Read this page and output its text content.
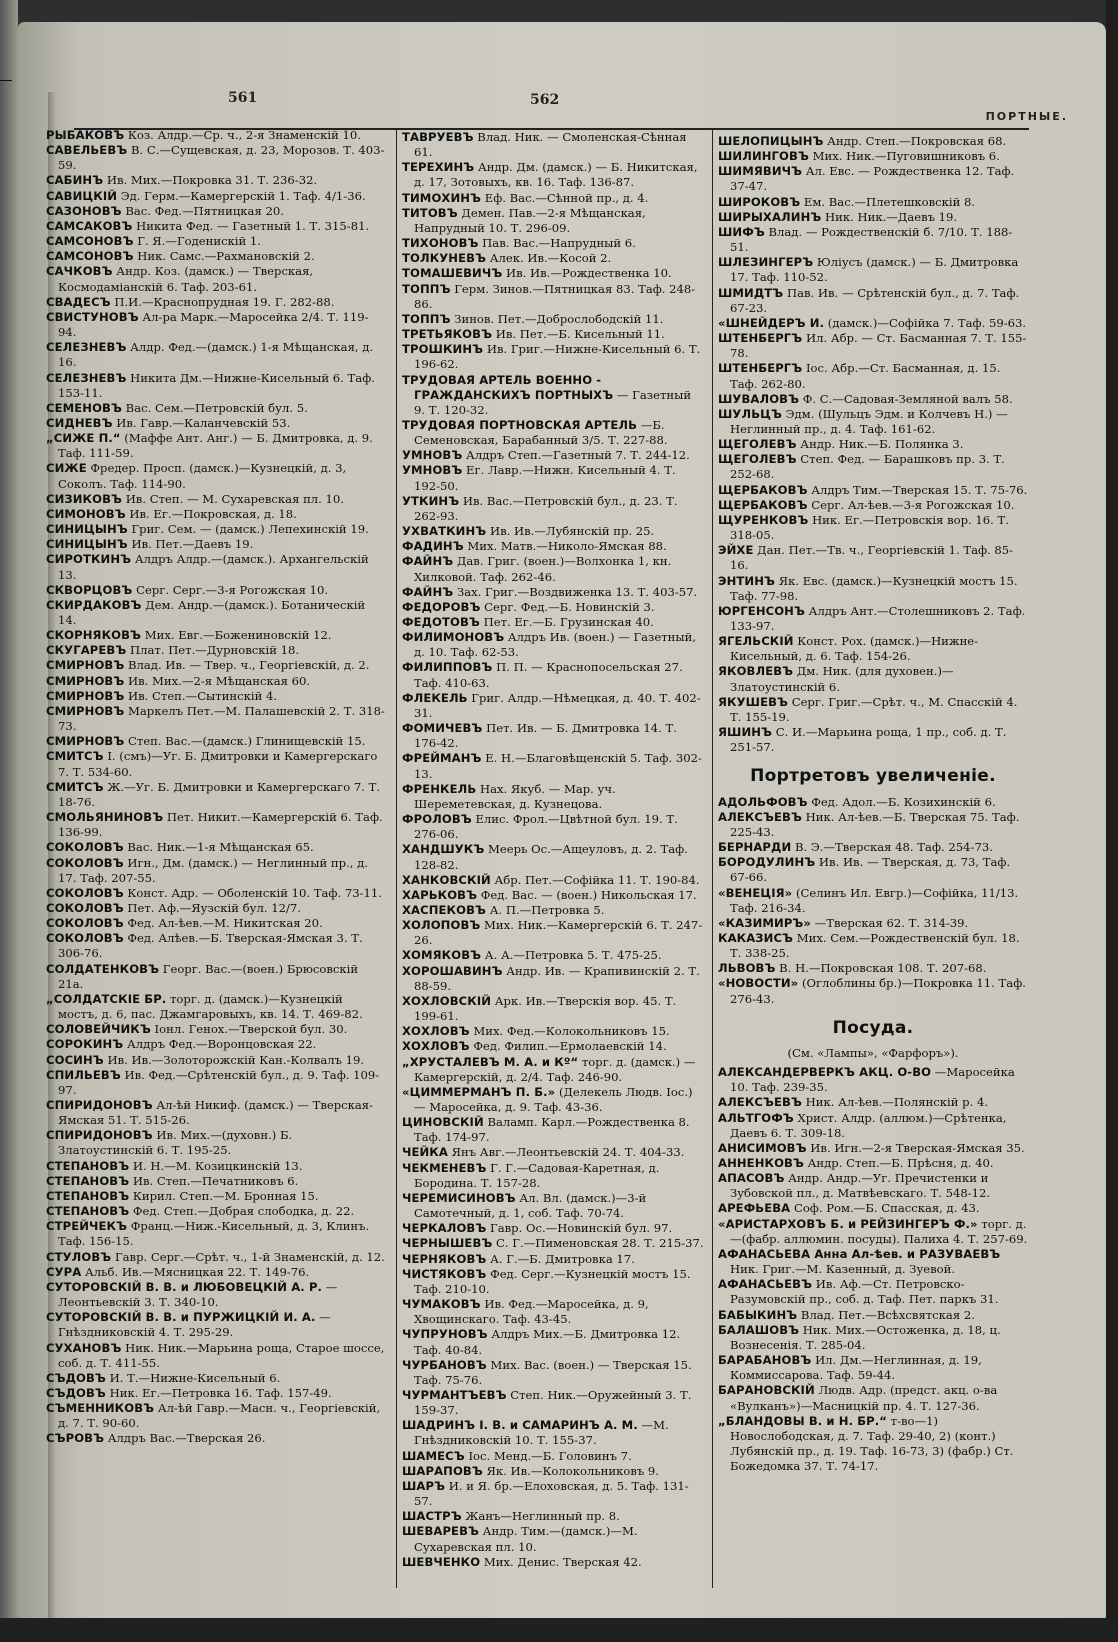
561	562
ПОРТНЫЕ.

РЫБАКОВЪ Коз. Алдр.—Ср. ч., 2-я Знаменскій 10.

САВЕЛЬЕВЪ В. С.—Сущевская, д. 23, Морозов. Т. 403-59.

САБИНЪ Ив. Мих.—Покровка 31. Т. 236-32.

САВИЦКІЙ Эд. Герм.—Камергерскій 1. Таф. 4/1-36.

САЗОНОВЪ Вас. Фед.—Пятницкая 20.

САМСАКОВЪ Никита Фед. — Газетный 1. Т. 315-81.

САМСОНОВЪ Г. Я.—Годенискій 1.

САМСОНОВЪ Ник. Самс.—Рахмановскій 2.

САЧКОВЪ Андр. Коз. (дамск.) — Тверская, Космодаміанскій 6. Таф. 203-61.

СВАДЕСЪ П.И.—Краснопрудная 19. Г. 282-88.

СВИСТУНОВЪ Ал-ра Марк.—Маросейка 2/4. Т. 119-94.

СЕЛЕЗНЕВЪ Алдр. Фед.—(дамск.) 1-я Мѣщанская, д. 16.

СЕЛЕЗНЕВЪ Никита Дм.—Нижне-Кисельный 6. Таф. 153-11.

СЕМЕНОВЪ Вас. Сем.—Петровскій бул. 5.

СИДНЕВЪ Ив. Гавр.—Каланчевскій 53.

„СИЖЕ П.“ (Маффе Ант. Анг.) — Б. Дмитровка, д. 9. Таф. 111-59.

СИЖЕ Фредер. Просп. (дамск.)—Кузнецкій, д. 3, Соколъ. Таф. 114-90.

СИЗИКОВЪ Ив. Степ. — М. Сухаревская пл. 10.

СИМОНОВЪ Ив. Ег.—Покровская, д. 18.

СИНИЦЫНЪ Григ. Сем. — (дамск.) Лепехинскій 19.

СИНИЦЫНЪ Ив. Пет.—Даевъ 19.

СИРОТКИНЪ Алдръ Алдр.—(дамск.). Архангельскій 13.

СКВОРЦОВЪ Серг. Серг.—3-я Рогожская 10.

СКИРДАКОВЪ Дем. Андр.—(дамск.). Ботаническій 14.

СКОРНЯКОВЪ Мих. Евг.—Божениновскій 12.

СКУГАРЕВЪ Плат. Пет.—Дурновскій 18.

СМИРНОВЪ Влад. Ив. — Твер. ч., Георгіевскій, д. 2.

СМИРНОВЪ Ив. Мих.—2-я Мѣщанская 60.

СМИРНОВЪ Ив. Степ.—Сытинскій 4.

СМИРНОВЪ Маркелъ Пет.—М. Палашевскій 2. Т. 318-73.

СМИРНОВЪ Степ. Вас.—(дамск.) Глинищевскій 15.

СМИТСЪ І. (смъ)—Уг. Б. Дмитровки и Камергерскаго 7. Т. 534-60.

СМИТСЪ Ж.—Уг. Б. Дмитровки и Камергерскаго 7. Т. 18-76.

СМОЛЬЯНИНОВЪ Пет. Никит.—Камергерскій 6. Таф. 136-99.

СОКОЛОВЪ Вас. Ник.—1-я Мѣщанская 65.

СОКОЛОВЪ Игн., Дм. (дамск.) — Неглинный пр., д. 17. Таф. 207-55.

СОКОЛОВЪ Конст. Адр. — Оболенскій 10. Таф. 73-11.

СОКОЛОВЪ Пет. Аф.—Яузскій бул. 12/7.

СОКОЛОВЪ Фед. Ал-ѣев.—М. Никитская 20.

СОКОЛОВЪ Фед. Алѣев.—Б. Тверская-Ямская 3. Т. 306-76.

СОЛДАТЕНКОВЪ Георг. Вас.—(воен.) Брюсовскій 21а.

„СОЛДАТСКІЕ БР. торг. д. (дамск.)—Кузнецкій мостъ, д. 6, пас. Джамгаровыхъ, кв. 14. Т. 469-82.

СОЛОВЕЙЧИКЪ Іонл. Генох.—Тверской бул. 30.

СОРОКИНЪ Алдръ Фед.—Воронцовская 22.

СОСИНЪ Ив. Ив.—Золоторожскій Кан.-Колвалъ 19.

СПИЛЬЕВЪ Ив. Фед.—Срѣтенскій бул., д. 9. Таф. 109-97.

СПИРИДОНОВЪ Ал-ѣй Никиф. (дамск.) — Тверская-Ямская 51. Т. 515-26.

СПИРИДОНОВЪ Ив. Мих.—(духовн.) Б. Златоустинскій 6. Т. 195-25.

СТЕПАНОВЪ И. Н.—М. Козицкинскій 13.

СТЕПАНОВЪ Ив. Степ.—Печатниковъ 6.

СТЕПАНОВЪ Кирил. Степ.—М. Бронная 15.

СТЕПАНОВЪ Фед. Степ.—Добрая слободка, д. 22.

СТРЕЙЧЕКЪ Франц.—Ниж.-Кисельный, д. 3, Клинъ. Таф. 156-15.

СТУЛОВЪ Гавр. Серг.—Срѣт. ч., 1-й Знаменскій, д. 12.

СУРА Альб. Ив.—Мясницкая 22. Т. 149-76.

СУТОРОВСКІЙ В. В. и ЛЮБОВЕЦКІЙ А. Р. — Леонтьевскій 3. Т. 340-10.

СУТОРОВСКІЙ В. В. и ПУРЖИЦКІЙ И. А. — Гнѣздниковскій 4. Т. 295-29.

СУХАНОВЪ Ник. Ник.—Марьина роща, Старое шоссе, соб. д. Т. 411-55.

СЪДОВЪ И. Т.—Нижне-Кисельный 6.

СЪДОВЪ Ник. Ег.—Петровка 16. Таф. 157-49.

СЪМЕННИКОВЪ Ал-ѣй Гавр.—Масн. ч., Георгіевскій, д. 7. Т. 90-60.

СЪРОВЪ Алдръ Вас.—Тверская 26.

ТАВРУЕВЪ Влад. Ник. — Смоленская-Сѣнная 61.

ТЕРЕХИНЪ Андр. Дм. (дамск.) — Б. Никитская, д. 17, Зотовыхъ, кв. 16. Таф. 136-87.

ТИМОХИНЪ Еф. Вас.—Сѣнной пр., д. 4.

ТИТОВЪ Демен. Пав.—2-я Мѣщанская, Напрудный 10. Т. 296-09.

ТИХОНОВЪ Пав. Вас.—Напрудный 6.

ТОЛКУНЕВЪ Алек. Ив.—Косой 2.

ТОМАШЕВИЧЪ Ив. Ив.—Рождественка 10.

ТОППЪ Герм. Зинов.—Пятницкая 83. Таф. 248-86.

ТОППЪ Зинов. Пет.—Доброслободскій 11.

ТРЕТЬЯКОВЪ Ив. Пет.—Б. Кисельный 11.

ТРОШКИНЪ Ив. Григ.—Нижне-Кисельный 6. Т. 196-62.

ТРУДОВАЯ АРТЕЛЬ ВОЕННО - ГРАЖДАНСКИХЪ ПОРТНЫХЪ — Газетный 9. Т. 120-32.

ТРУДОВАЯ ПОРТНОВСКАЯ АРТЕЛЬ —Б. Семеновская, Барабанный 3/5. Т. 227-88.

УМНОВЪ Алдръ Степ.—Газетный 7. Т. 244-12.

УМНОВЪ Ег. Лавр.—Нижн. Кисельный 4. Т. 192-50.

УТКИНЪ Ив. Вас.—Петровскій бул., д. 23. Т. 262-93.

УХВАТКИНЪ Ив. Ив.—Лубянскій пр. 25.

ФАДИНЪ Мих. Матв.—Николо-Ямская 88.

ФАЙНЪ Дав. Григ. (воен.)—Волхонка 1, кн. Хилковой. Таф. 262-46.

ФАЙНЪ Зах. Григ.—Воздвиженка 13. Т. 403-57.

ФЕДОРОВЪ Серг. Фед.—Б. Новинскій 3.

ФЕДОТОВЪ Пет. Ег.—Б. Грузинская 40.

ФИЛИМОНОВЪ Алдръ Ив. (воен.) — Газетный, д. 10. Таф. 62-53.

ФИЛИППОВЪ П. П. — Краснопосельская 27. Таф. 410-63.

ФЛЕКЕЛЬ Григ. Алдр.—Нѣмецкая, д. 40. Т. 402-31.

ФОМИЧЕВЪ Пет. Ив. — Б. Дмитровка 14. Т. 176-42.

ФРЕЙМАНЪ Е. Н.—Благовѣщенскій 5. Таф. 302-13.

ФРЕНКЕЛЬ Нах. Якуб. — Мар. уч. Шереметевская, д. Кузнецова.

ФРОЛОВЪ Елис. Фрол.—Цвѣтной бул. 19. Т. 276-06.

ХАНДШУКЪ Меерь Ос.—Ащеуловъ, д. 2. Таф. 128-82.

ХАНКОВСКІЙ Абр. Пет.—Софійка 11. Т. 190-84.

ХАРЬКОВЪ Фед. Вас. — (воен.) Никольская 17.

ХАСПЕКОВЪ А. П.—Петровка 5.

ХОЛОПОВЪ Мих. Ник.—Камергерскій 6. Т. 247-26.

ХОМЯКОВЪ А. А.—Петровка 5. Т. 475-25.

ХОРОШАВИНЪ Андр. Ив. — Крапивинскій 2. Т. 88-59.

ХОХЛОВСКІЙ Арк. Ив.—Тверскія вор. 45. Т. 199-61.

ХОХЛОВЪ Мих. Фед.—Колокольниковъ 15.

ХОХЛОВЪ Фед. Филип.—Ермолаевскій 14.

„ХРУСТАЛЕВЪ М. А. и Кº“ торг. д. (дамск.) — Камергерскій, д. 2/4. Таф. 246-90.

«ЦИММЕРМАНЪ П. Б.» (Делекель Людв. Іос.) — Маросейка, д. 9. Таф. 43-36.

ЦИНОВСКІЙ Валамп. Карл.—Рождественка 8. Таф. 174-97.

ЧЕЙКА Янъ Авг.—Леонтьевскій 24. Т. 404-33.

ЧЕКМЕНЕВЪ Г. Г.—Садовая-Каретная, д. Бородина. Т. 157-28.

ЧЕРЕМИСИНОВЪ Ал. Вл. (дамск.)—3-й Самотечный, д. 1, соб. Таф. 70-74.

ЧЕРКАЛОВЪ Гавр. Ос.—Новинскій бул. 97.

ЧЕРНЫШЕВЪ С. Г.—Пименовская 28. Т. 215-37.

ЧЕРНЯКОВЪ А. Г.—Б. Дмитровка 17.

ЧИСТЯКОВЪ Фед. Серг.—Кузнецкій мостъ 15. Таф. 210-10.

ЧУМАКОВЪ Ив. Фед.—Маросейка, д. 9, Хвощинскаго. Таф. 43-45.

ЧУПРУНОВЪ Алдръ Мих.—Б. Дмитровка 12. Таф. 40-84.

ЧУРБАНОВЪ Мих. Вас. (воен.) — Тверская 15. Таф. 75-76.

ЧУРМАНТЪЕВЪ Степ. Ник.—Оружейный 3. Т. 159-37.

ШАДРИНЪ І. В. и САМАРИНЪ А. М. —М. Гнѣздниковскій 10. Т. 155-37.

ШАМЕСЪ Іос. Менд.—Б. Головинъ 7.

ШАРАПОВЪ Як. Ив.—Колокольниковъ 9.

ШАРЪ И. и Я. бр.—Елоховская, д. 5. Таф. 131-57.

ШАСТРЪ Жанъ—Неглинный пр. 8.

ШЕВАРЕВЪ Андр. Тим.—(дамск.)—М. Сухаревская пл. 10.

ШЕВЧЕНКО Мих. Денис. Тверская 42.

ШЕЛОПИЦЫНЪ Андр. Степ.—Покровская 68.

ШИЛИНГОВЪ Мих. Ник.—Пуговишниковъ 6.

ШИМЯВИЧЪ Ал. Евс. — Рождественка 12. Таф. 37-47.

ШИРОКОВЪ Ем. Вас.—Плетешковскій 8.

ШИРЫХАЛИНЪ Ник. Ник.—Даевъ 19.

ШИФЪ Влад. — Рождественскій б. 7/10. Т. 188-51.

ШЛЕЗИНГЕРЪ Юліусъ (дамск.) — Б. Дмитровка 17. Таф. 110-52.

ШМИДТЪ Пав. Ив. — Срѣтенскій бул., д. 7. Таф. 67-23.

«ШНЕЙДЕРЪ И. (дамск.)—Софійка 7. Таф. 59-63.

ШТЕНБЕРГЪ Ил. Абр. — Ст. Басманная 7. Т. 155-78.

ШТЕНБЕРГЪ Іос. Абр.—Ст. Басманная, д. 15. Таф. 262-80.

ШУВАЛОВЪ Ф. С.—Садовая-Земляной валъ 58.

ШУЛЬЦЪ Эдм. (Шульцъ Эдм. и Колчевъ Н.) — Неглинный пр., д. 4. Таф. 161-62.

ЩЕГОЛЕВЪ Андр. Ник.—Б. Полянка 3.

ЩЕГОЛЕВЪ Степ. Фед. — Барашковъ пр. 3. Т. 252-68.

ЩЕРБАКОВЪ Алдръ Тим.—Тверская 15. Т. 75-76.

ЩЕРБАКОВЪ Серг. Ал-ѣев.—3-я Рогожская 10.

ЩУРЕНКОВЪ Ник. Ег.—Петровскія вор. 16. Т. 318-05.

ЭЙХЕ Дан. Пет.—Тв. ч., Георгіевскій 1. Таф. 85-16.

ЭНТИНЪ Як. Евс. (дамск.)—Кузнецкій мостъ 15. Таф. 77-98.

ЮРГЕНСОНЪ Алдръ Ант.—Столешниковъ 2. Таф. 133-97.

ЯГЕЛЬСКІЙ Конст. Рох. (дамск.)—Нижне-Кисельный, д. 6. Таф. 154-26.

ЯКОВЛЕВЪ Дм. Ник. (для духовен.)—Златоустинскій 6.

ЯКУШЕВЪ Серг. Григ.—Срѣт. ч., М. Спасскій 4. Т. 155-19.

ЯШИНЪ С. И.—Марьина роща, 1 пр., соб. д. Т. 251-57.

Портретовъ увеличеніе.

АДОЛЬФОВЪ Фед. Адол.—Б. Козихинскій 6.

АЛЕКСЪЕВЪ Ник. Ал-ѣев.—Б. Тверская 75. Таф. 225-43.

БЕРНАРДИ В. Э.—Тверская 48. Таф. 254-73.

БОРОДУЛИНЪ Ив. Ив. — Тверская, д. 73, Таф. 67-66.

«ВЕНЕЦІЯ» (Селинъ Ил. Евгр.)—Софійка, 11/13. Таф. 216-34.

«КАЗИМИРЪ» —Тверская 62. Т. 314-39.

КАКАЗИСЪ Мих. Сем.—Рождественскій бул. 18. Т. 338-25.

ЛЬВОВЪ В. Н.—Покровская 108. Т. 207-68.

«НОВОСТИ» (Оглоблины бр.)—Покровка 11. Таф. 276-43.

Посуда.
(См. «Лампы», «Фарфоръ»).

АЛЕКСАНДЕРВЕРКЪ АКЦ. О-ВО —Маросейка 10. Таф. 239-35.

АЛЕКСЪЕВЪ Ник. Ал-ѣев.—Полянскій р. 4.

АЛЬТГОФЪ Христ. Алдр. (аллюм.)—Срѣтенка, Даевъ 6. Т. 309-18.

АНИСИМОВЪ Ив. Игн.—2-я Тверская-Ямская 35.

АННЕНКОВЪ Андр. Степ.—Б. Прѣсня, д. 40.

АПАСОВЪ Андр. Андр.—Уг. Пречистенки и Зубовской пл., д. Матвѣевскаго. Т. 548-12.

АРЕФЬЕВА Соф. Ром.—Б. Спасская, д. 43.

«АРИСТАРХОВЪ Б. и РЕЙЗИНГЕРЪ Ф.» торг. д.—(фабр. аллюмин. посуды). Палиха 4. Т. 257-69.

АФАНАСЬЕВА Анна Ал-ѣев. и РАЗУВАЕВЪ Ник. Григ.—М. Казенный, д. Зуевой.

АФАНАСЬЕВЪ Ив. Аф.—Ст. Петровско-Разумовскій пр., соб. д. Таф. Пет. паркъ 31.

БАБЫКИНЪ Влад. Пет.—Всѣхсвятская 2.

БАЛАШОВЪ Ник. Мих.—Остоженка, д. 18, ц. Вознесенія. Т. 285-04.

БАРАБАНОВЪ Ил. Дм.—Неглинная, д. 19, Коммиссарова. Таф. 59-44.

БАРАНОВСКІЙ Людв. Адр. (предст. акц. о-ва «Вулканъ»)—Масницкій пр. 4. Т. 127-36.

„БЛАНДОВЫ В. и Н. БР.“ т-во—1) Новослободская, д. 7. Таф. 29-40, 2) (конт.) Лубянскій пр., д. 19. Таф. 16-73, 3) (фабр.) Ст. Божедомка 37. Т. 74-17.
